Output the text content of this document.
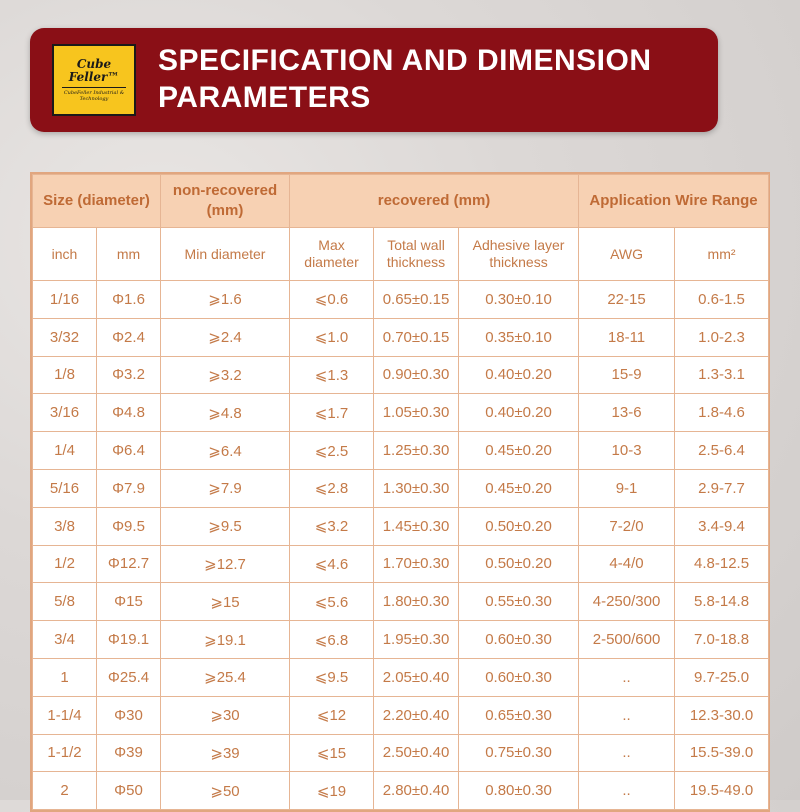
Cube Feller™
CubeFeller Industrial & Technology
SPECIFICATION AND DIMENSION PARAMETERS
Size (diameter)		non-recovered (mm)	recovered (mm)			Application Wire Range	
inch	mm	Min diameter	Max diameter	Total wall thickness	Adhesive layer thickness	AWG	mm²
1/16	Φ1.6	⩾1.6	⩽0.6	0.65±0.15	0.30±0.10	22-15	0.6-1.5
3/32	Φ2.4	⩾2.4	⩽1.0	0.70±0.15	0.35±0.10	18-11	1.0-2.3
1/8	Φ3.2	⩾3.2	⩽1.3	0.90±0.30	0.40±0.20	15-9	1.3-3.1
3/16	Φ4.8	⩾4.8	⩽1.7	1.05±0.30	0.40±0.20	13-6	1.8-4.6
1/4	Φ6.4	⩾6.4	⩽2.5	1.25±0.30	0.45±0.20	10-3	2.5-6.4
5/16	Φ7.9	⩾7.9	⩽2.8	1.30±0.30	0.45±0.20	9-1	2.9-7.7
3/8	Φ9.5	⩾9.5	⩽3.2	1.45±0.30	0.50±0.20	7-2/0	3.4-9.4
1/2	Φ12.7	⩾12.7	⩽4.6	1.70±0.30	0.50±0.20	4-4/0	4.8-12.5
5/8	Φ15	⩾15	⩽5.6	1.80±0.30	0.55±0.30	4-250/300	5.8-14.8
3/4	Φ19.1	⩾19.1	⩽6.8	1.95±0.30	0.60±0.30	2-500/600	7.0-18.8
1	Φ25.4	⩾25.4	⩽9.5	2.05±0.40	0.60±0.30	..	9.7-25.0
1-1/4	Φ30	⩾30	⩽12	2.20±0.40	0.65±0.30	..	12.3-30.0
1-1/2	Φ39	⩾39	⩽15	2.50±0.40	0.75±0.30	..	15.5-39.0
2	Φ50	⩾50	⩽19	2.80±0.40	0.80±0.30	..	19.5-49.0
